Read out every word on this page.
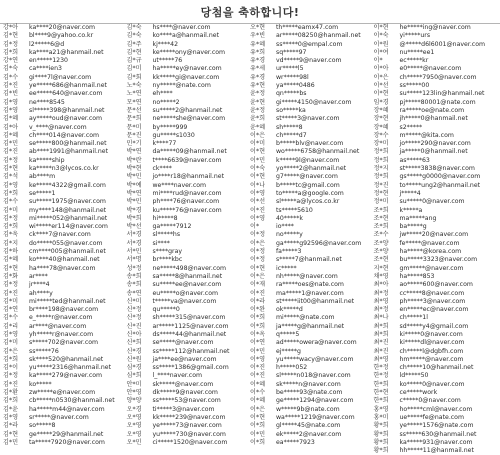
당첨을 축하합니다!
강*아	ka****20@naver.com
김*현	bl****9@yahoo.co.kr
김*정	l2*****6@d
김*희	ka****a21@hanmail.net
강*연	en*****1230
김*숙	ca****ien3
김*수	gi****7l@naver.com
김*진	ye*****686@hanmail.net
김*빈	ee*****640@naver.com
김*영	ne****8545
김*영	sl*****398@hanmail.net
김*혜	ay*****oud@naver.com
김*아	v_****@naver.com
김*혜	ch****014@naver.com
김*민	se*****800@hanmail.net
김*진	ab****1991@hanmail.net
김*정	ka*****ship
김*현	ka*****n3@lycos.co.kr
김*석	ab****m
김*영	ke*****4322@gmail.com
김*희	se*****1
김*수	su*****1975@naver.com
김*미	my****148@hanmail.net
김*정	mi*****052@hanmail.net
김*희	wi*****er114@naver.com
김*욱	ck****7@naver.com
김*지	do*****055@naver.com
김*하	cm****005@hanmail.net
김*혜	ko****40@hanmail.net
김*현	ha****78@naver.com
김*화	ar****
김*정	jr****4
김*진	ah****y
김*미	mi*****ted@hanmail.net
김*연	br****198@naver.com
김*수	e_*****r@naver.com
김*리	ar****@naver.com
김*영	yh*****r@naver.com
김*미	s*****702@naver.com
김*은	ss*****76
김*희	sk****520@hanmail.net
김*이	yu*****2316@hanmail.net
김*정	ka*****279@naver.com
김*진	ko*****
김*환	zw*****e@naver.com
김*희	cb*****n0530@hanmail.net
김*윤	ha*****m44@naver.com
김*영	sr*****@naver.com
김*라	so*****8
김*현	ge*****29@hanmail.net
김*민	ta*****7920@naver.com
김*숙	hs****@naver.com
김*숙	ko****a@hanmail.net
김*주	kj****42
김*현	ke*****ony@naver.com
김*규	ut*****76
김*미	ha*****ey@naver.com
김*회	kk*****gi@naver.com
노*숙	ny*****@nate.com
노*연	eh****
모*연	no*****2
문*선	su*****2@hanmail.net
문*희	ne*****she@naver.com
문*미	by*****999
문*진	gu*****s1030
민*기	k****77
박*연	da*****09@hanmail.net
박*란	t****6639@naver.com
박*현	ck****
박*민	jo****r18@hanmail.net
박*예	we****naver.com
박*연	mi****rud@naver.com
박*민	ph****76@naver.com
박*경	ku*****76@naver.com
박*희	hi*****8
박*선	ga*****7912
서*경	sl*****hs
서*경	si****
서*민	s****gray
서*명	br****kbc
성*정	ne*****498@naver.com
송*희	sa*****8@hanmail.net
송*희	su*****ee@naver.com
송*연	eu*****o@naver.com
신*미	t*****va@naver.com
신*정	qu*****0
신*정	sh*****315@naver.com
신*진	ar*****1125@naver.com
신*아	ds*****44@hanmail.net
신*희	se*****@naver.com
신*경	ss*****112@hanmail.net
신*원	ja****ee@naver.com
심*경	ss*****1386@gmail.com
심*희	l_****naver.com
안*미	sk*****@naver.com
안*영	dk*****9@naver.com
양*양	ss*****53@naver.com
오*경	ti*****3@naver.com
오*영	kk*****239@naver.com
오*영	ye*****73@naver.com
오*영	yu*****730@naver.com
오*민	ci*****1520@naver.com
오*현	th*****eamx47.com
우*빈	ar*****08250@hanmail.net
유*혜	ss*****0@empal.com
유*희	sq*****97
유*경	vd*****9@naver.com
유*세	ur*****l5
유*경	wr*****98l
유*현	ya*****0486
윤*정	qn*****bs
윤*현	gi*****4150@naver.com
윤*정	so*****ka
윤*희	st*****3@naver.com
윤*혜	sh*****8
이*은	ch*****d7
이*미	b*****blv@naver.com
이*현	wo*****6758@hanmail.net
이*민	k*****9l@naver.com
이*숙	yo*****2@hanmail.net
이*현	g7*****@naver.com
이*나	b*****tc@gmail.com
이*영	to*****a@google.com
이*선	sl*****a@lycos.co.kr
이*진	ts*****5610
이*영	40*****k
이*	io****
이*정	no*****y
이*은	ga*****g92596@naver.com
이*정	fa*****3
이*정	s*****7@hanmail.net
이*현	ic*****
이*은	nh*****@naver.com
이*재	ra*****oes@nate.com
이*진	ma*****1@naver.com
이*라	st*****iit00@hanmail.net
이*완	ok*****d
이*희	mi*****@nate.com
이*희	ja*****g@hanmail.net
이*옥	q*****5
이*연	ad*****owera@naver.com
이*민	ej*****g
이*영	yu*****wacy@naver.com
이*진	h*****052
이*진	sl*****n018@naver.com
이*혜	sk*****n@naver.com
이*수	be*****93@nate.com
이*혜	ge*****1294@naver.com
이*은	w*****9b@nate.com
이*현	wa*****1219@naver.com
이*희	gl*****45@nate.com
이*민	ek*****2@naver.com
이*희	ea*****7923
이*현	he*****ing@naver.com
이*숙	yi*****urs
이*원	@*****d6l6001@naver.com
이*여	nu*****ee1
이*	ec*****kr
이*아	e0*****@naver.com
이*은	ch*****7950@naver.com
이*선	ss*****00
이*현	su*****123lin@hanmail.net
임*경	pj*****80001@nate.com
장*혜	ra*****oe@nate.com
장*현	jh*****0@hanmail.net
장*혜	s2*****
장*수	m*****@kita.com
장*미	jo*****290@naver.com
정*희	ja*****0@hanmail.net
정*희	as*****63
정*지	st*****3838@naver.com
정*희	gs*****g0000@naver.com
정*진	to*****ung2@hanmail.net
정*현	j*****4
정*미	su*****0@naver.com
조*희	k*****a
조*현	ma*****ang
조*희	ba*****g
조*수	jw*****20@naver.com
조*양	fe*****@naver.com
조*양	ha*****@korea.com
조*현	bu*****3323@naver.com
지*현	gm*****@naver.com
채*영	ha*****853
최*아	ao*****600@naver.com
최*정	cc*****8@naver.com
최*영	ph*****3@naver.com
최*정	en*****ec@naver.com
최*나	ch*****1l
최*희	sd*****y4@gmail.com
최*희	ki*****0@naver.com
최*진	ki*****dl@naver.com
최*진	ch*****l@dgbfh.com
최*영	hm*****@naver.com
한*정	ch*****10@hanmail.net
한*정	ld*****50
한*희	ko*****0@naver.com
한*현	ce*****work
한*희	c*****0@naver.com
홍*영	ho*****cml@naver.com
홍*미	ue*****fe@nate.com
황*희	ye*****1576@nate.com
황*희	ss*****630@hanmail.net
황*희	ka*****931@naver.com
황*희	hh*****11@hanmail.net
